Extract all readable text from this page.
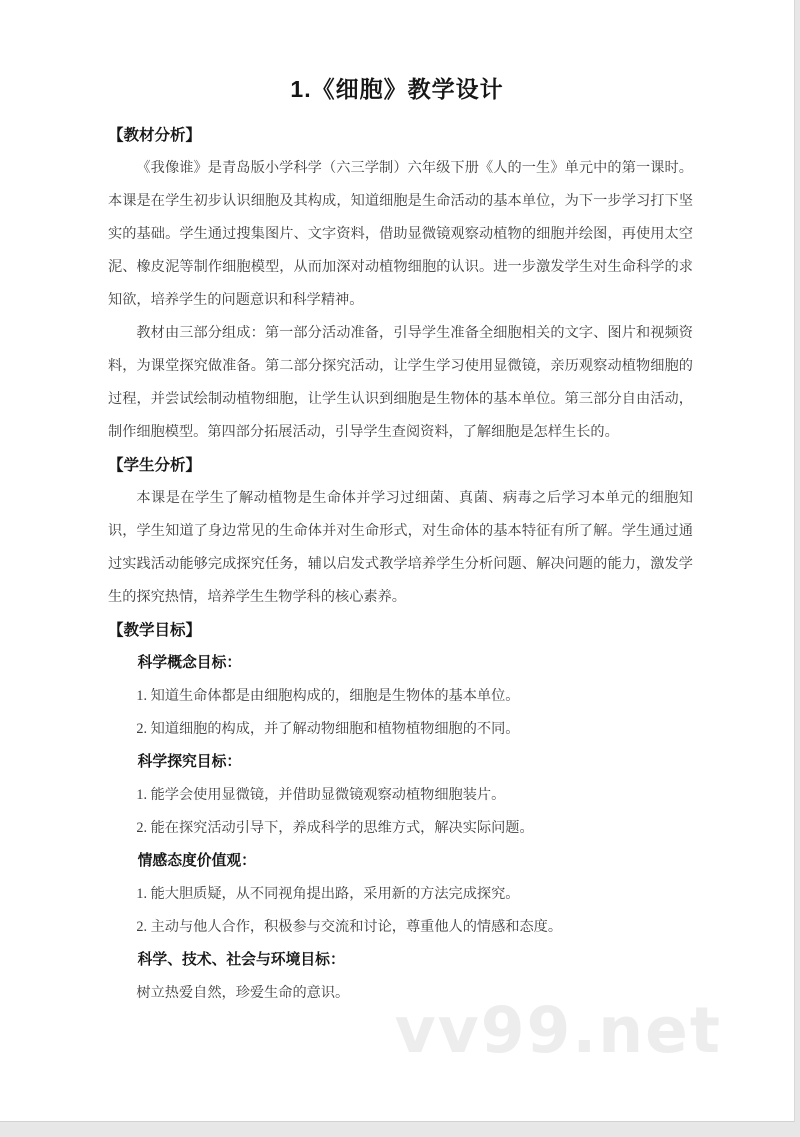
1.《细胞》教学设计
【教材分析】
《我像谁》是青岛版小学科学（六三学制）六年级下册《人的一生》单元中的第一课时。本课是在学生初步认识细胞及其构成，知道细胞是生命活动的基本单位，为下一步学习打下坚实的基础。学生通过搜集图片、文字资料，借助显微镜观察动植物的细胞并绘图，再使用太空泥、橡皮泥等制作细胞模型，从而加深对动植物细胞的认识。进一步激发学生对生命科学的求知欲，培养学生的问题意识和科学精神。
教材由三部分组成：第一部分活动准备，引导学生准备全细胞相关的文字、图片和视频资料，为课堂探究做准备。第二部分探究活动，让学生学习使用显微镜，亲历观察动植物细胞的过程，并尝试绘制动植物细胞，让学生认识到细胞是生物体的基本单位。第三部分自由活动，制作细胞模型。第四部分拓展活动，引导学生查阅资料，了解细胞是怎样生长的。
【学生分析】
本课是在学生了解动植物是生命体并学习过细菌、真菌、病毒之后学习本单元的细胞知识，学生知道了身边常见的生命体并对生命形式，对生命体的基本特征有所了解。学生通过通过实践活动能够完成探究任务，辅以启发式教学培养学生分析问题、解决问题的能力，激发学生的探究热情，培养学生生物学科的核心素养。
【教学目标】
科学概念目标：
1. 知道生命体都是由细胞构成的，细胞是生物体的基本单位。
2. 知道细胞的构成，并了解动物细胞和植物植物细胞的不同。
科学探究目标：
1. 能学会使用显微镜，并借助显微镜观察动植物细胞装片。
2. 能在探究活动引导下，养成科学的思维方式，解决实际问题。
情感态度价值观：
1. 能大胆质疑，从不同视角提出路，采用新的方法完成探究。
2. 主动与他人合作，积极参与交流和讨论，尊重他人的情感和态度。
科学、技术、社会与环境目标：
树立热爱自然，珍爱生命的意识。
vv99.net
